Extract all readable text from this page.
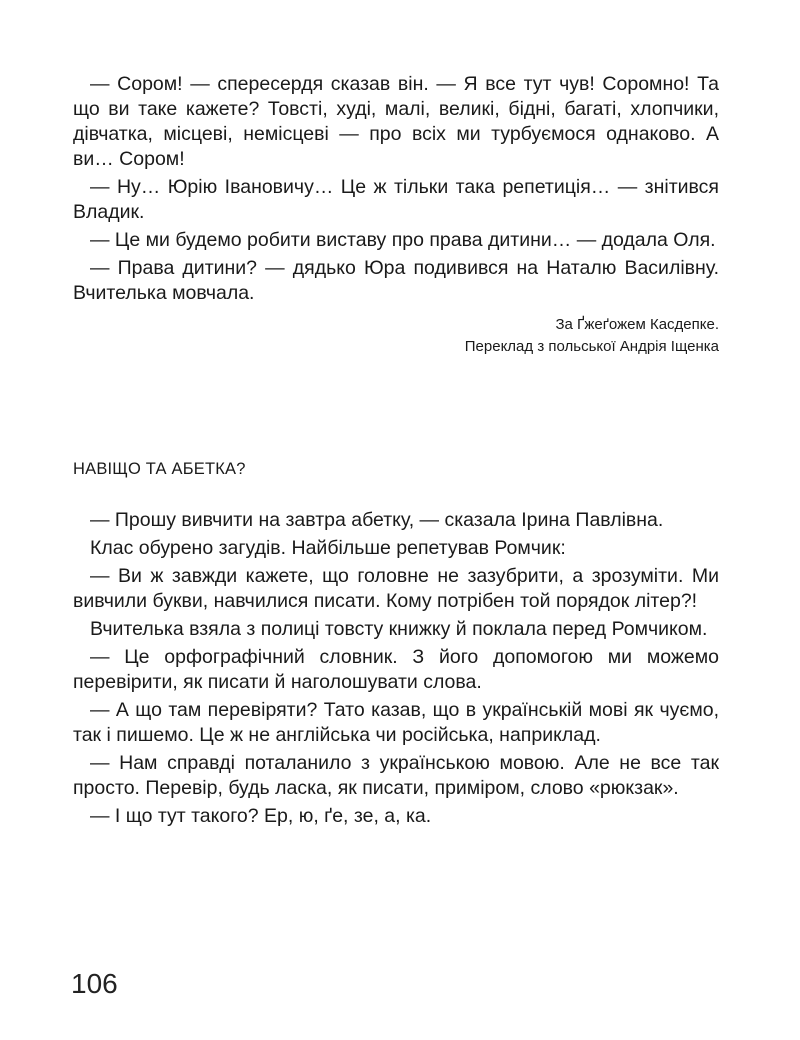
— Сором! — спересердя сказав він. — Я все тут чув! Соромно! Та що ви таке кажете? Товсті, худі, малі, великі, бідні, багаті, хлопчики, дівчатка, місцеві, немісцеві — про всіх ми турбуємося однаково. А ви… Сором!

— Ну… Юрію Івановичу… Це ж тільки така репетиція… — знітився Владик.

— Це ми будемо робити виставу про права дитини… — додала Оля.

— Права дитини? — дядько Юра подивився на Наталю Василівну. Вчителька мовчала.

За Ґжеґожем Касдепке.
Переклад з польської Андрія Іщенка
НАВІЩО ТА АБЕТКА?

— Прошу вивчити на завтра абетку, — сказала Ірина Павлівна.

Клас обурено загудів. Найбільше репетував Ромчик:

— Ви ж завжди кажете, що головне не зазубрити, а зрозуміти. Ми вивчили букви, навчилися писати. Кому потрібен той порядок літер?!

Вчителька взяла з полиці товсту книжку й поклала перед Ромчиком.

— Це орфографічний словник. З його допомогою ми можемо перевірити, як писати й наголошувати слова.

— А що там перевіряти? Тато казав, що в українській мові як чуємо, так і пишемо. Це ж не англійська чи російська, наприклад.

— Нам справді поталанило з українською мовою. Але не все так просто. Перевір, будь ласка, як писати, приміром, слово «рюкзак».

— І що тут такого? Ер, ю, ґе, зе, а, ка.

106
